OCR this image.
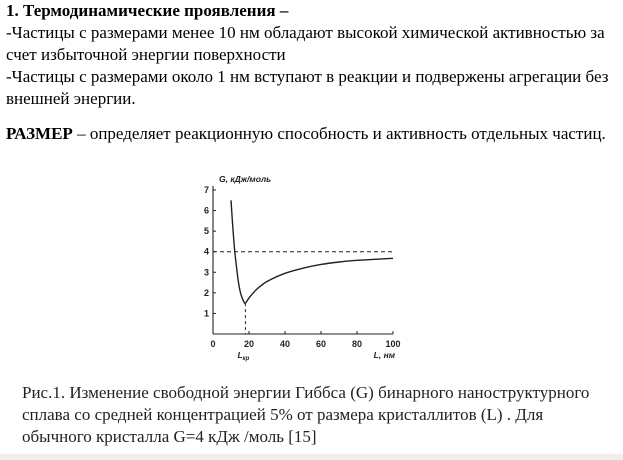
1. Термодинамические проявления –
-Частицы с размерами менее 10 нм обладают высокой химической активностью за счет избыточной энергии поверхности
-Частицы с размерами около 1 нм вступают в реакции и подвержены агрегации без внешней энергии.
РАЗМЕР – определяет реакционную способность и активность отдельных частиц.
1
2
3
4
5
6
7
0	20	40	60	80	100
G, кДж/моль
L, нм
$L_{кр}$
Рис.1. Изменение свободной энергии Гиббса (G) бинарного наноструктурного сплава со средней концентрацией 5% от размера кристаллитов (L) . Для обычного кристалла G=4 кДж /моль [15]
